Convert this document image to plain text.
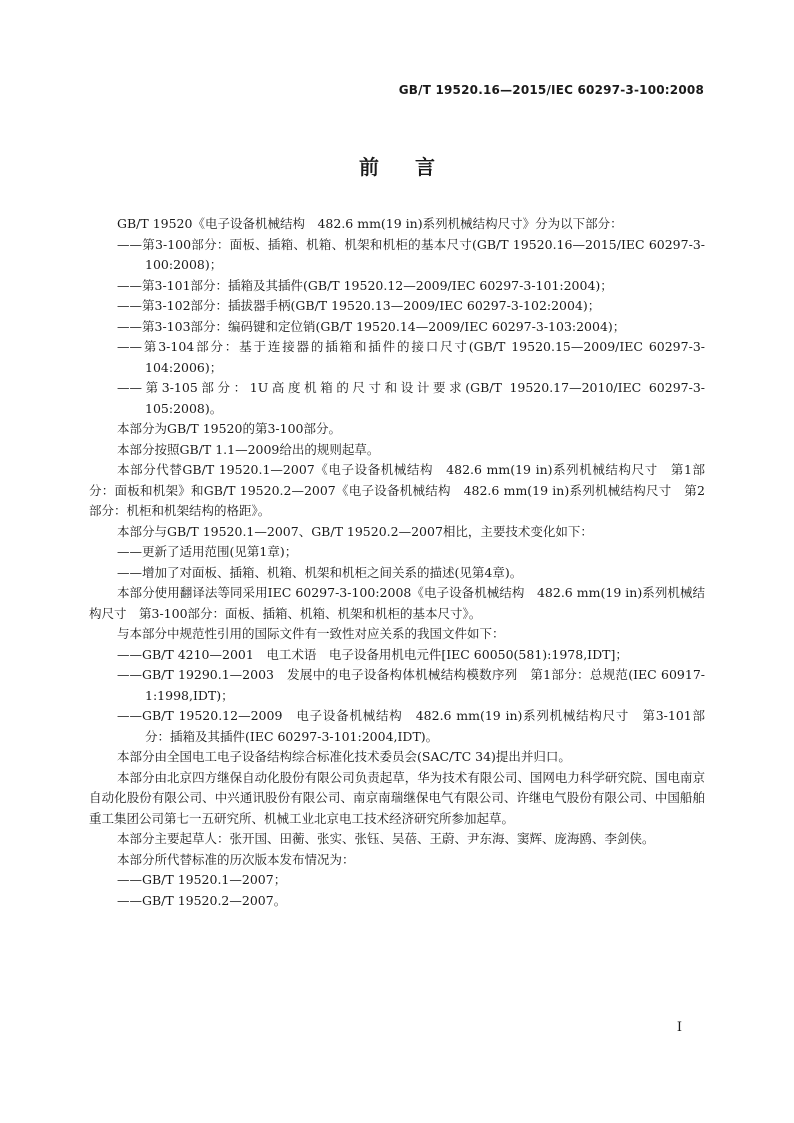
GB/T 19520.16—2015/IEC 60297-3-100:2008
前言
GB/T 19520《电子设备机械结构　482.6 mm(19 in)系列机械结构尺寸》分为以下部分：
——第3-100部分：面板、插箱、机箱、机架和机柜的基本尺寸(GB/T 19520.16—2015/IEC 60297-3-100:2008)；
——第3-101部分：插箱及其插件(GB/T 19520.12—2009/IEC 60297-3-101:2004)；
——第3-102部分：插拔器手柄(GB/T 19520.13—2009/IEC 60297-3-102:2004)；
——第3-103部分：编码键和定位销(GB/T 19520.14—2009/IEC 60297-3-103:2004)；
——第3-104部分：基于连接器的插箱和插件的接口尺寸(GB/T 19520.15—2009/IEC 60297-3-104:2006)；
——第3-105部分：1U高度机箱的尺寸和设计要求(GB/T 19520.17—2010/IEC 60297-3-105:2008)。
本部分为GB/T 19520的第3-100部分。
本部分按照GB/T 1.1—2009给出的规则起草。
本部分代替GB/T 19520.1—2007《电子设备机械结构　482.6 mm(19 in)系列机械结构尺寸　第1部分：面板和机架》和GB/T 19520.2—2007《电子设备机械结构　482.6 mm(19 in)系列机械结构尺寸　第2部分：机柜和机架结构的格距》。
本部分与GB/T 19520.1—2007、GB/T 19520.2—2007相比，主要技术变化如下：
——更新了适用范围(见第1章)；
——增加了对面板、插箱、机箱、机架和机柜之间关系的描述(见第4章)。
本部分使用翻译法等同采用IEC 60297-3-100:2008《电子设备机械结构　482.6 mm(19 in)系列机械结构尺寸　第3-100部分：面板、插箱、机箱、机架和机柜的基本尺寸》。
与本部分中规范性引用的国际文件有一致性对应关系的我国文件如下：
——GB/T 4210—2001　电工术语　电子设备用机电元件[IEC 60050(581):1978,IDT]；
——GB/T 19290.1—2003　发展中的电子设备构体机械结构模数序列　第1部分：总规范(IEC 60917-1:1998,IDT)；
——GB/T 19520.12—2009　电子设备机械结构　482.6 mm(19 in)系列机械结构尺寸　第3-101部分：插箱及其插件(IEC 60297-3-101:2004,IDT)。
本部分由全国电工电子设备结构综合标准化技术委员会(SAC/TC 34)提出并归口。
本部分由北京四方继保自动化股份有限公司负责起草，华为技术有限公司、国网电力科学研究院、国电南京自动化股份有限公司、中兴通讯股份有限公司、南京南瑞继保电气有限公司、许继电气股份有限公司、中国船舶重工集团公司第七一五研究所、机械工业北京电工技术经济研究所参加起草。
本部分主要起草人：张开国、田蘅、张实、张钰、吴蓓、王蔚、尹东海、窦辉、庞海鸥、李剑侠。
本部分所代替标准的历次版本发布情况为：
——GB/T 19520.1—2007；
——GB/T 19520.2—2007。
I
